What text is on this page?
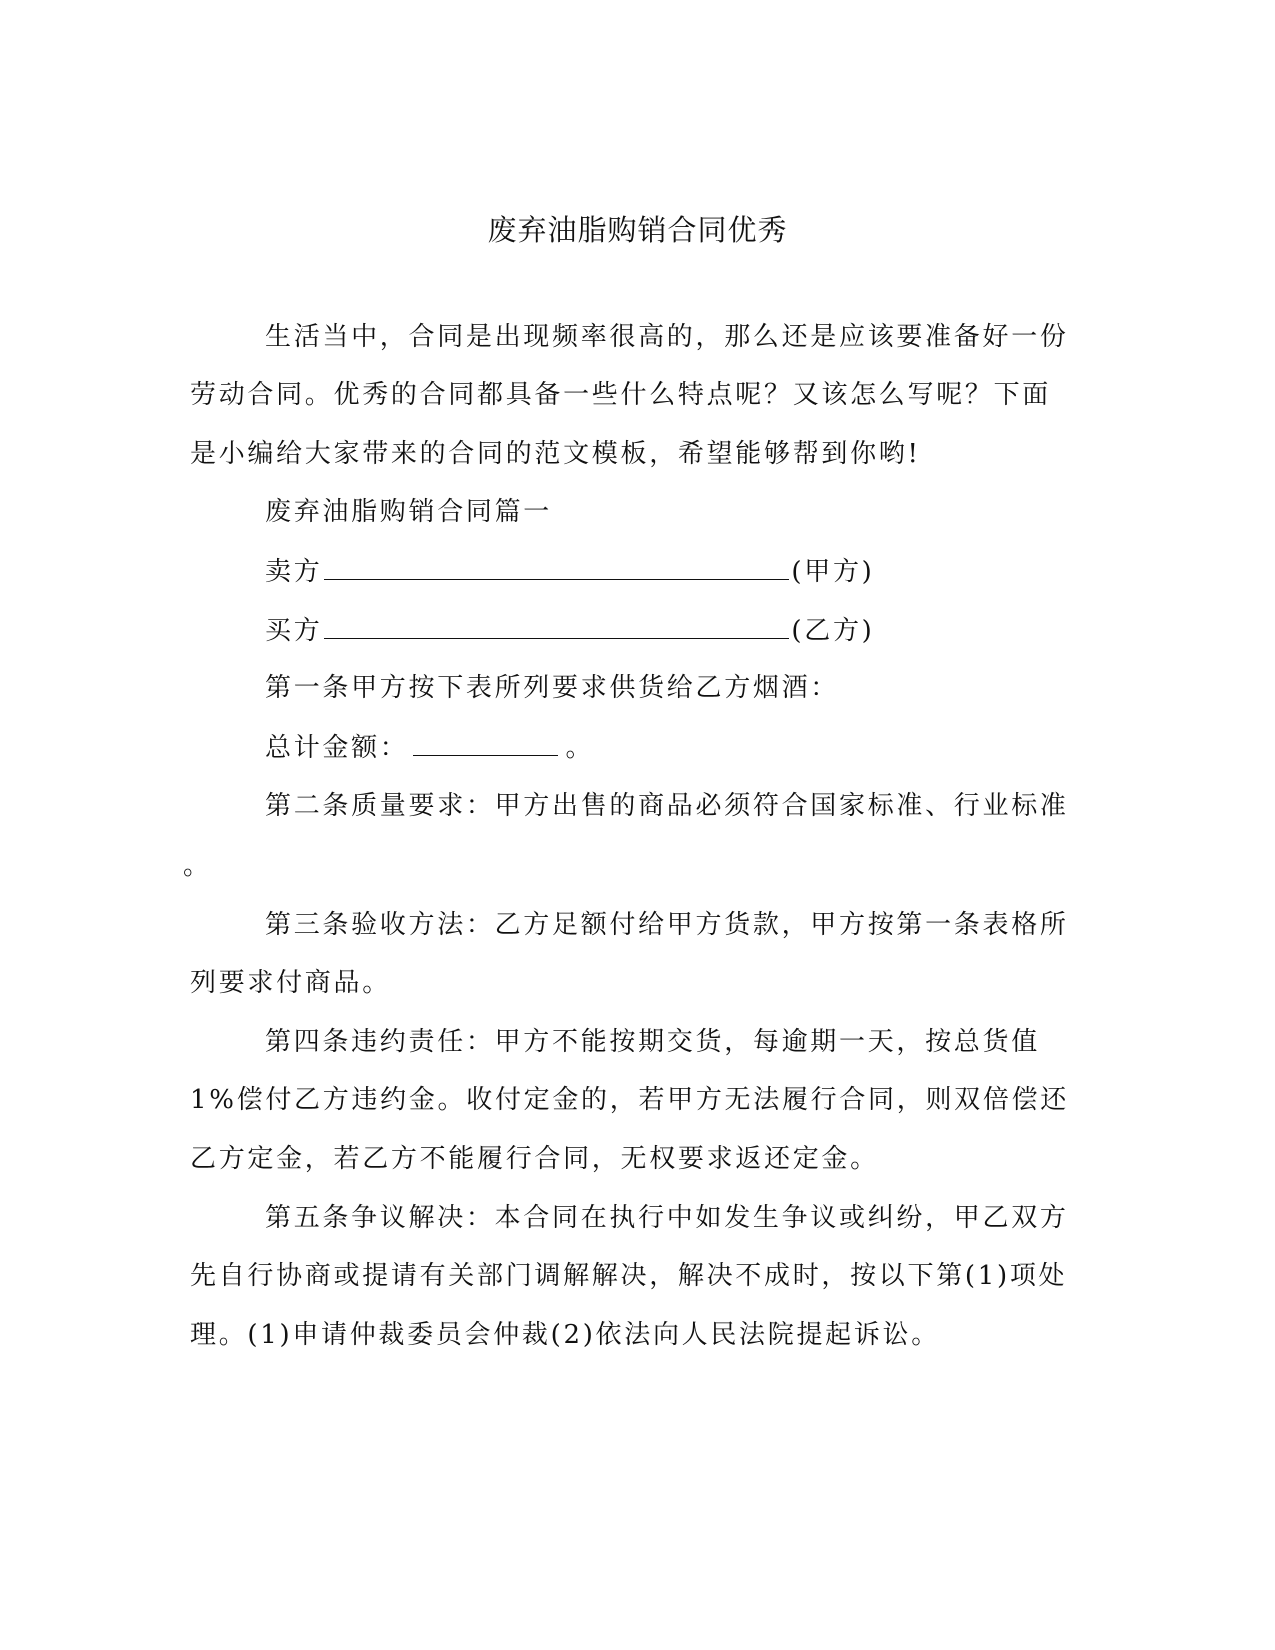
废弃油脂购销合同优秀
生活当中，合同是出现频率很高的，那么还是应该要准备好一份
劳动合同。优秀的合同都具备一些什么特点呢？又该怎么写呢？下面
是小编给大家带来的合同的范文模板，希望能够帮到你哟!
废弃油脂购销合同篇一
卖方	(甲方)
买方	(乙方)
第一条甲方按下表所列要求供货给乙方烟酒：
总计金额：	。
第二条质量要求：甲方出售的商品必须符合国家标准、行业标准
。
第三条验收方法：乙方足额付给甲方货款，甲方按第一条表格所
列要求付商品。
第四条违约责任：甲方不能按期交货，每逾期一天，按总货值
1%偿付乙方违约金。收付定金的，若甲方无法履行合同，则双倍偿还
乙方定金，若乙方不能履行合同，无权要求返还定金。
第五条争议解决：本合同在执行中如发生争议或纠纷，甲乙双方
先自行协商或提请有关部门调解解决，解决不成时，按以下第(1)项处
理。(1)申请仲裁委员会仲裁(2)依法向人民法院提起诉讼。
